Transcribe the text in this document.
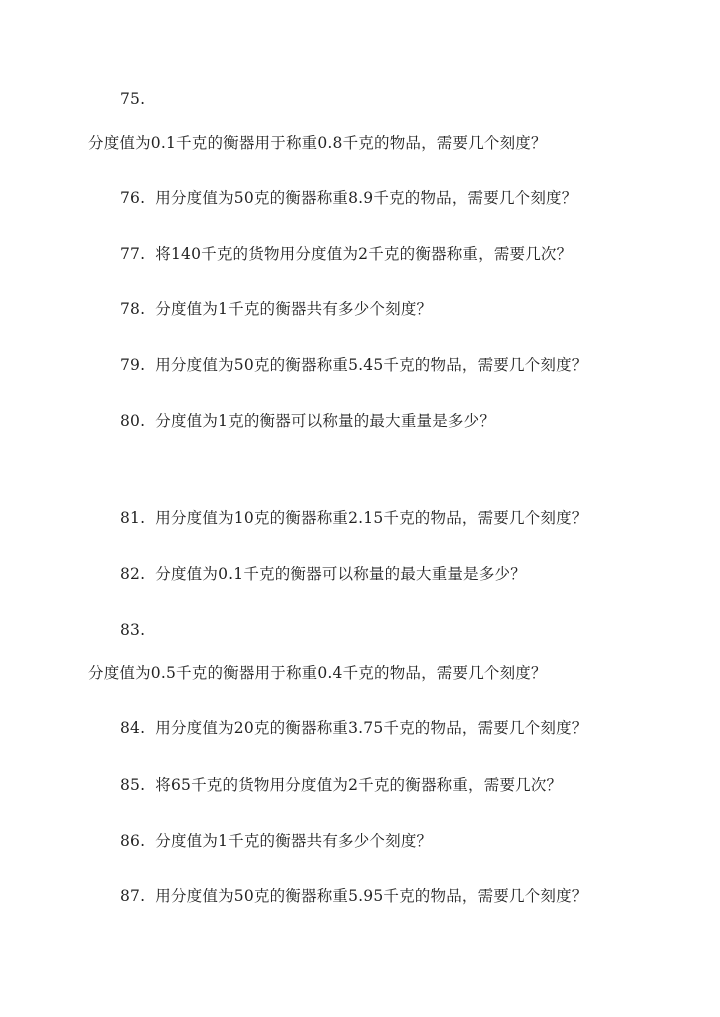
75.
分度值为0.1千克的衡器用于称重0.8千克的物品，需要几个刻度？
76. 用分度值为50克的衡器称重8.9千克的物品，需要几个刻度？
77. 将140千克的货物用分度值为2千克的衡器称重，需要几次？
78. 分度值为1千克的衡器共有多少个刻度？
79. 用分度值为50克的衡器称重5.45千克的物品，需要几个刻度？
80. 分度值为1克的衡器可以称量的最大重量是多少？
81. 用分度值为10克的衡器称重2.15千克的物品，需要几个刻度？
82. 分度值为0.1千克的衡器可以称量的最大重量是多少？
83.
分度值为0.5千克的衡器用于称重0.4千克的物品，需要几个刻度？
84. 用分度值为20克的衡器称重3.75千克的物品，需要几个刻度？
85. 将65千克的货物用分度值为2千克的衡器称重，需要几次？
86. 分度值为1千克的衡器共有多少个刻度？
87. 用分度值为50克的衡器称重5.95千克的物品，需要几个刻度？
